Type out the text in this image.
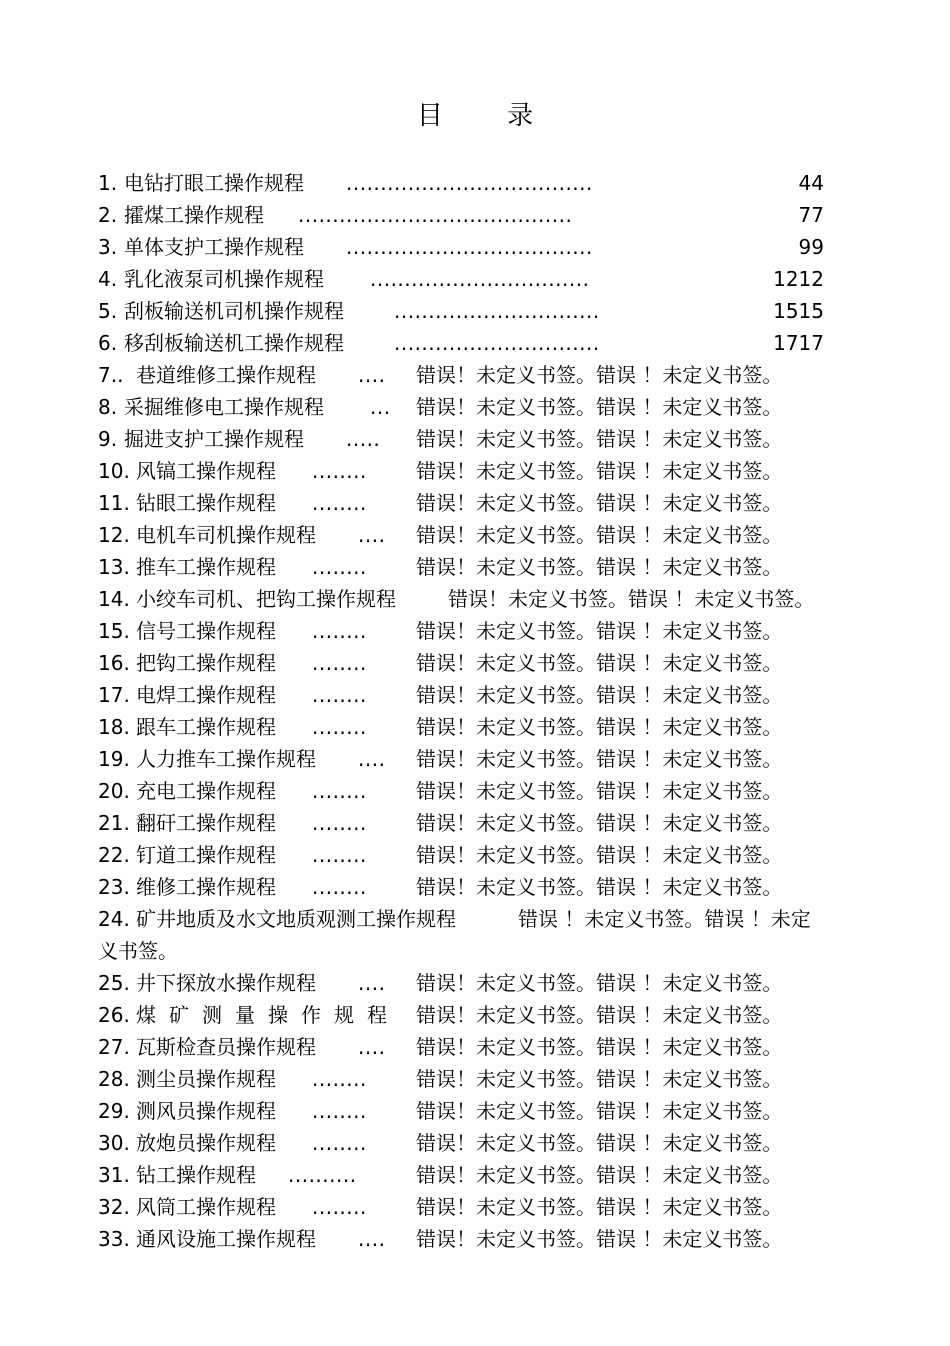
目 录
1. 电钻打眼工操作规程 ....................................	44
2. 攉煤工操作规程 ........................................	77
3. 单体支护工操作规程 ....................................	99
4. 乳化液泵司机操作规程 ................................	1212
5. 刮板输送机司机操作规程	..............................	1515
6. 移刮板输送机工操作规程	..............................	1717
7.. 巷道维修工操作规程 .... 错误！未定义书签。错误 ！未定义书签。
8. 采掘维修电工操作规程 ... 错误！未定义书签。错误 ！未定义书签。
9. 掘进支护工操作规程 ..... 错误！未定义书签。错误 ！未定义书签。
10. 风镐工操作规程 ........ 错误！未定义书签。错误 ！未定义书签。
11. 钻眼工操作规程 ........ 错误！未定义书签。错误 ！未定义书签。
12. 电机车司机操作规程 .... 错误！未定义书签。错误 ！未定义书签。
13. 推车工操作规程 ........ 错误！未定义书签。错误 ！未定义书签。
14. 小绞车司机、把钩工操作规程	错误！未定义书签。错误 ！未定义书签。
15. 信号工操作规程 ........ 错误！未定义书签。错误 ！未定义书签。
16. 把钩工操作规程 ........ 错误！未定义书签。错误 ！未定义书签。
17. 电焊工操作规程 ........ 错误！未定义书签。错误 ！未定义书签。
18. 跟车工操作规程 ........ 错误！未定义书签。错误 ！未定义书签。
19. 人力推车工操作规程 .... 错误！未定义书签。错误 ！未定义书签。
20. 充电工操作规程 ........ 错误！未定义书签。错误 ！未定义书签。
21. 翻矸工操作规程 ........ 错误！未定义书签。错误 ！未定义书签。
22. 钉道工操作规程 ........ 错误！未定义书签。错误 ！未定义书签。
23. 维修工操作规程 ........ 错误！未定义书签。错误 ！未定义书签。
24. 矿井地质及水文地质观测工操作规程	错误 ！未定义书签。错误 ！未定
义书签。
25. 井下探放水操作规程 .... 错误！未定义书签。错误 ！未定义书签。
26. 煤矿测量操作规程 错误！未定义书签。错误 ！未定义书签。
27. 瓦斯检查员操作规程 .... 错误！未定义书签。错误 ！未定义书签。
28. 测尘员操作规程 ........ 错误！未定义书签。错误 ！未定义书签。
29. 测风员操作规程 ........ 错误！未定义书签。错误 ！未定义书签。
30. 放炮员操作规程 ........ 错误！未定义书签。错误 ！未定义书签。
31. 钻工操作规程 ..........	错误！未定义书签。错误 ！未定义书签。
32. 风筒工操作规程 ........ 错误！未定义书签。错误 ！未定义书签。
33. 通风设施工操作规程 .... 错误！未定义书签。错误 ！未定义书签。
